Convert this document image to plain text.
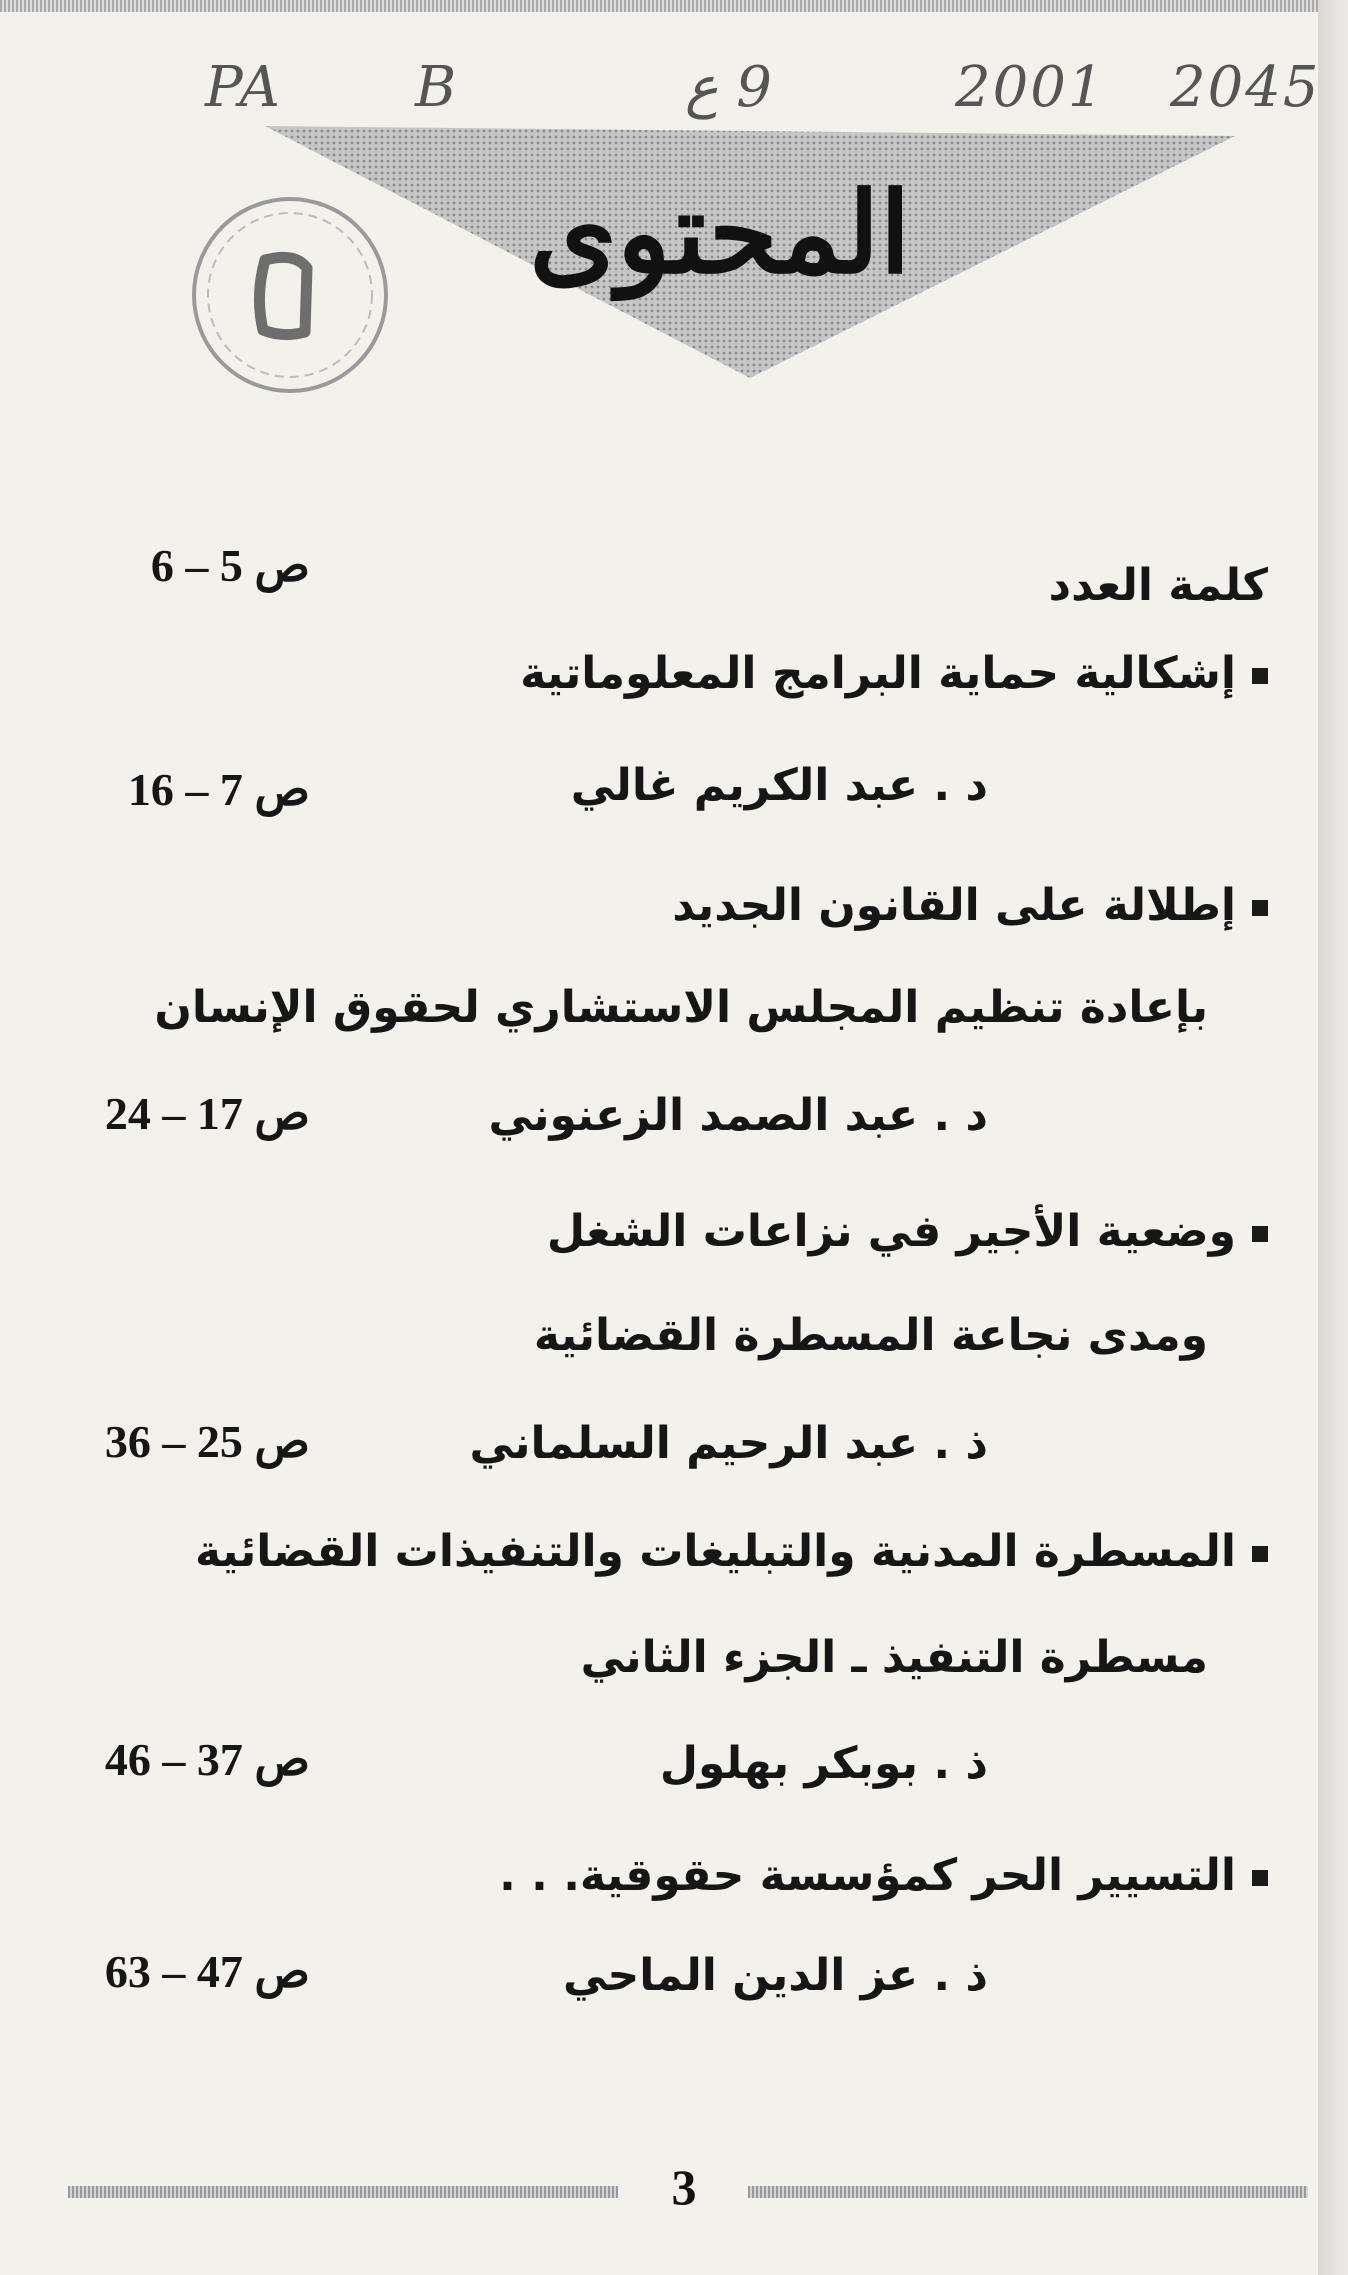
PA B	9 ع	2001 2045
المحتوى
كلمة العدد
ص 5 – 6
إشكالية حماية البرامج المعلوماتية
د . عبد الكريم غالي
ص 7 – 16
إطلالة على القانون الجديد
بإعادة تنظيم المجلس الاستشاري لحقوق الإنسان
د . عبد الصمد الزعنوني
ص 17 – 24
وضعية الأجير في نزاعات الشغل
ومدى نجاعة المسطرة القضائية
ذ . عبد الرحيم السلماني
ص 25 – 36
المسطرة المدنية والتبليغات والتنفيذات القضائية
مسطرة التنفيذ ـ الجزء الثاني
ذ . بوبكر بهلول
ص 37 – 46
التسيير الحر كمؤسسة حقوقية. . .
ذ . عز الدين الماحي
ص 47 – 63
3
